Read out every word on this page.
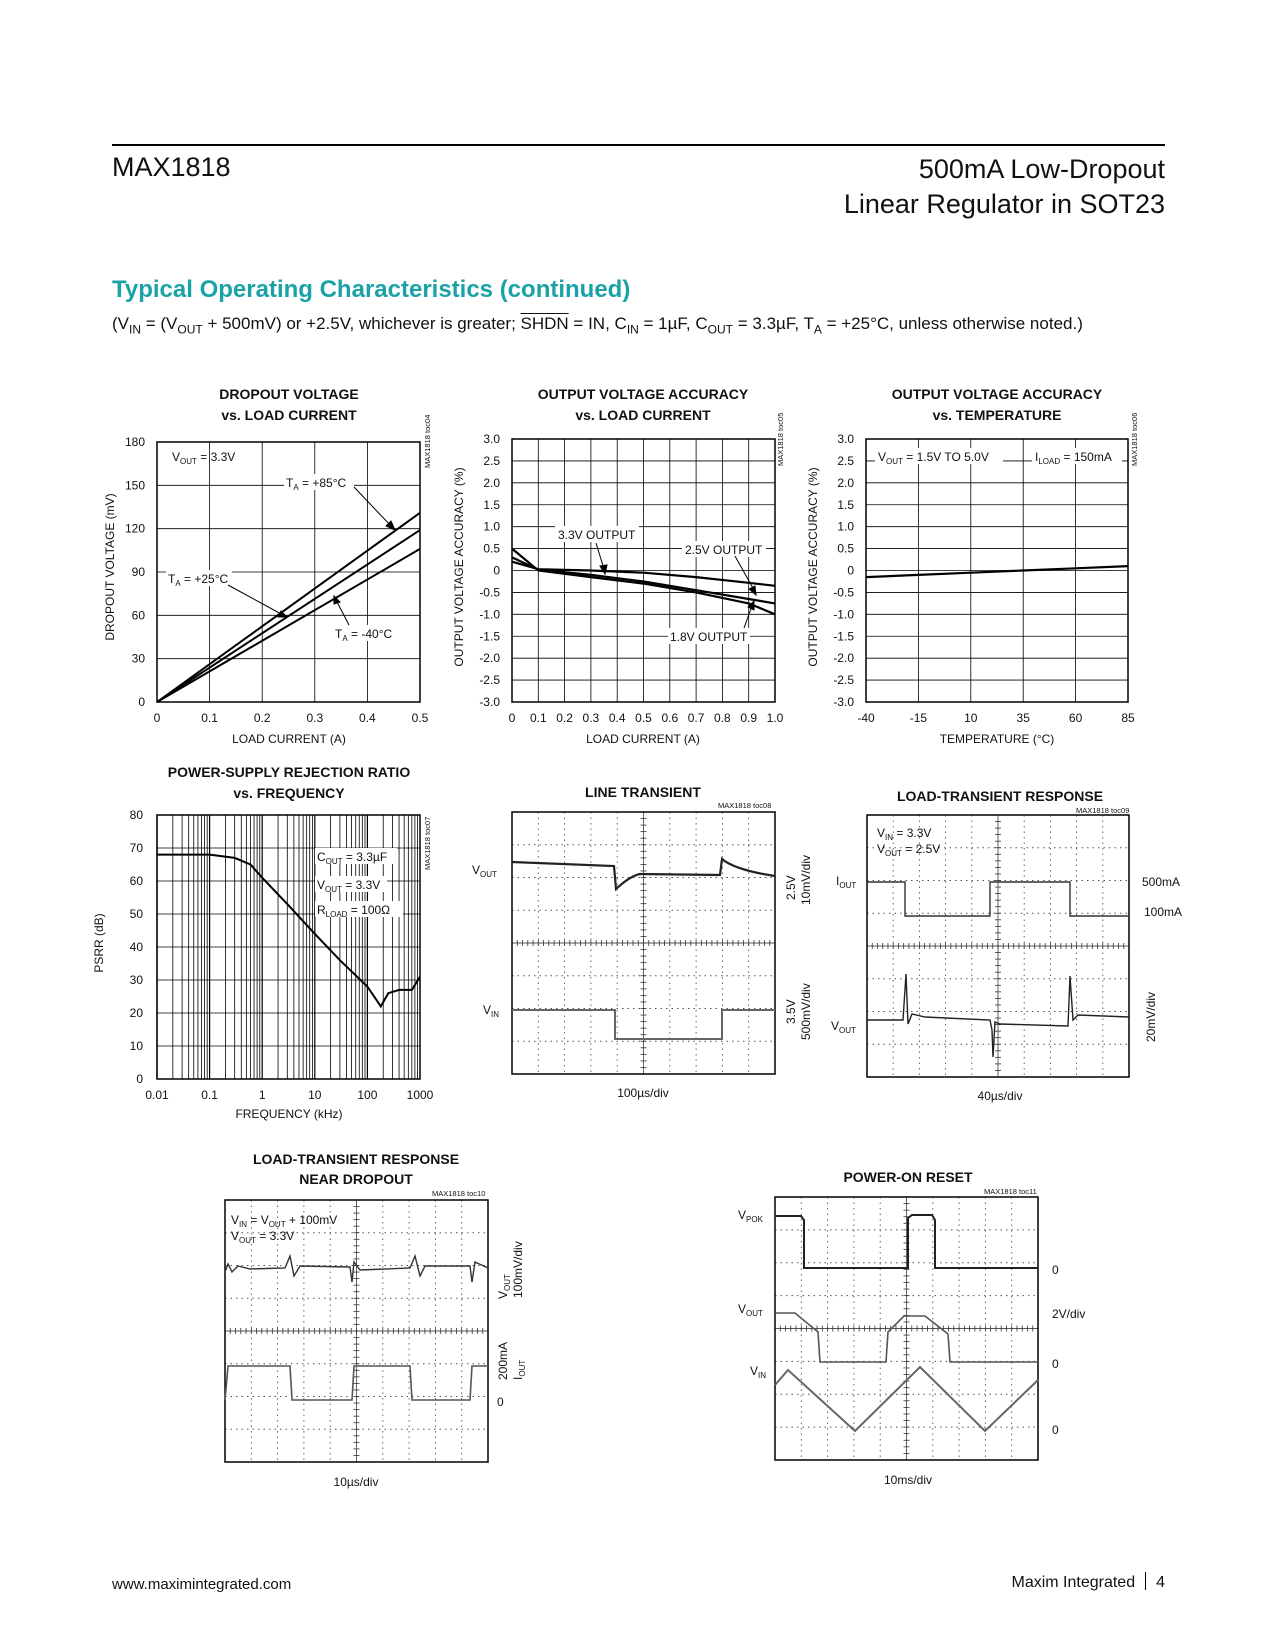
MAX1818	500mA Low-Dropout
Linear Regulator in SOT23
Typical Operating Characteristics (continued)
($V_{IN} = (V_{OUT} + 500mV)$ or +2.5V, whichever is greater; SHDN = IN, $C_{IN} = 1\mu F$, $C_{OUT} = 3.3\mu F$, $T_A = +25^\circ C$, unless otherwise noted.)
DROPOUT VOLTAGE
vs. LOAD CURRENT
0	0.1	0.2	0.3	0.4	0.5
0
30
60
90
120
150
180	MAX1818 toc04
LOAD CURRENT (A)
DROPOUT VOLTAGE (mV)
$V_{OUT} = 3.3V$
$T_A = +85^\circ C$
$T_A = +25^\circ C$
$T_A = -40^\circ C$
OUTPUT VOLTAGE ACCURACY
vs. LOAD CURRENT
0 0.1 0.2 0.3 0.4 0.5 0.6 0.7 0.8 0.9 1.0
3.0
2.5
2.0
1.5
1.0
0.5
0
-0.5
-1.0
-1.5
-2.0
-2.5
-3.0
MAX1818 toc05
LOAD CURRENT (A)
OUTPUT VOLTAGE ACCURACY (%)	3.3V OUTPUT
2.5V OUTPUT
1.8V OUTPUT
OUTPUT VOLTAGE ACCURACY
vs. TEMPERATURE
-40	-15	10	35	60	85
3.0
2.5
2.0
1.5
1.0
0.5
0
-0.5
-1.0
-1.5
-2.0
-2.5
-3.0
MAX1818 toc06
TEMPERATURE (°C)
OUTPUT VOLTAGE ACCURACY (%)
$V_{OUT} = 1.5V$ TO 5.0V	$I_{LOAD} = 150mA$
POWER-SUPPLY REJECTION RATIO
vs. FREQUENCY
0.01	0.1	1	10	100 1000
0
10
20
30
40
50
60
70
80
MAX1818 toc07
FREQUENCY (kHz)
PSRR (dB)
$C_{OUT} = 3.3\mu F$
$V_{OUT} = 3.3V$
$R_{LOAD} = 100\Omega$
LINE TRANSIENT
MAX1818 toc08
$V_{OUT}$
$V_{IN}$
2.5V 10mV/div
3.5V 500mV/div
100µs/div
LOAD-TRANSIENT RESPONSE
MAX1818 toc09
$V_{IN} = 3.3V$
$V_{OUT} = 2.5V$
$I_{OUT}$
$V_{OUT}$
500mA
100mA
20mV/div
40µs/div
LOAD-TRANSIENT RESPONSE
NEAR DROPOUT
MAX1818 toc10
$V_{IN} = V_{OUT} + 100mV$
$V_{OUT} = 3.3V$
$V_{OUT}$ 100mV/div
200mA $I_{OUT}$
0
10µs/div
POWER-ON RESET
MAX1818 toc11
$V_{POK}$
$V_{OUT}$
$V_{IN}$
0
2V/div
0
0
10ms/div
www.maximintegrated.com	Maxim Integrated 4
